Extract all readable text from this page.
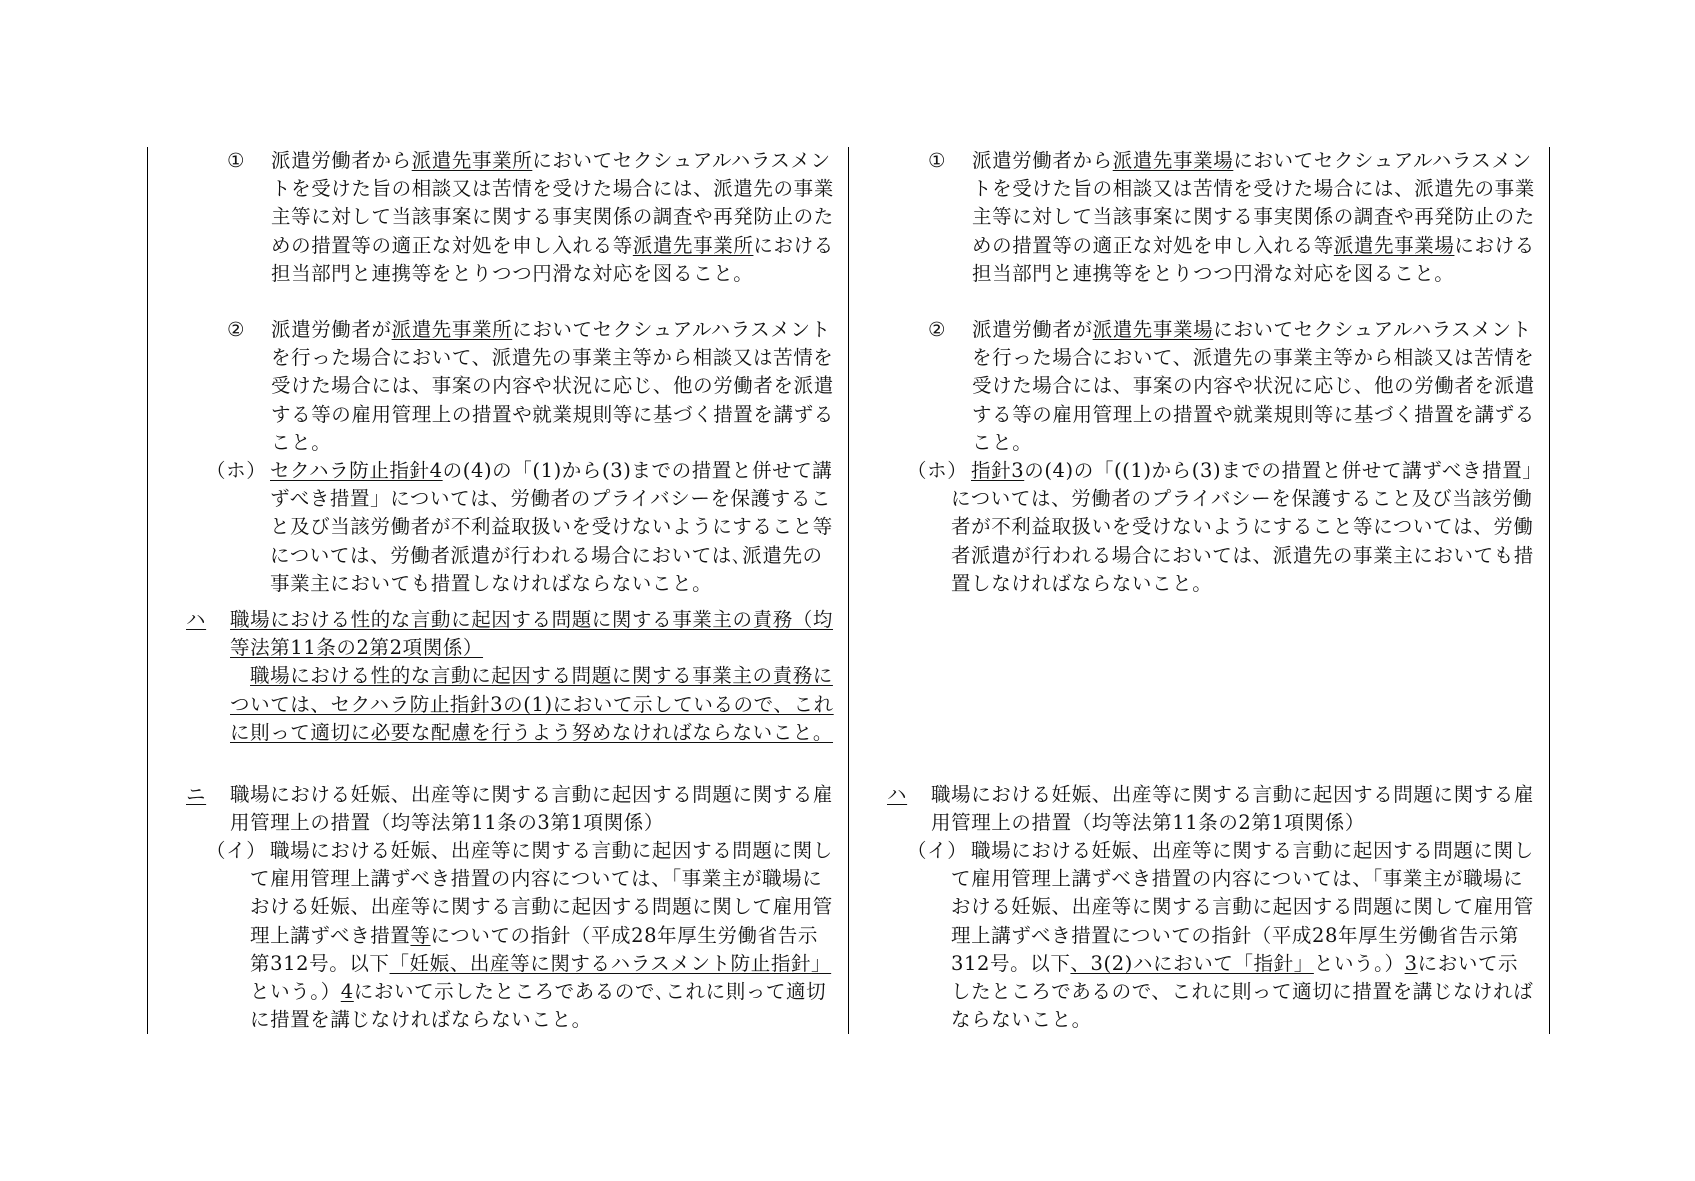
①	派遣労働者から派遣先事業所においてセクシュアルハラスメントを受けた旨の相談又は苦情を受けた場合には、派遣先の事業主等に対して当該事案に関する事実関係の調査や再発防止のための措置等の適正な対処を申し入れる等派遣先事業所における担当部門と連携等をとりつつ円滑な対応を図ること。
②	派遣労働者が派遣先事業所においてセクシュアルハラスメントを行った場合において、派遣先の事業主等から相談又は苦情を受けた場合には、事案の内容や状況に応じ、他の労働者を派遣する等の雇用管理上の措置や就業規則等に基づく措置を講ずること。
（ホ） セクハラ防止指針4の(4)の「(1)から(3)までの措置と併せて講ずべき措置」については、労働者のプライバシーを保護すること及び当該労働者が不利益取扱いを受けないようにすること等については、労働者派遣が行われる場合においては､派遣先の事業主においても措置しなければならないこと。
ハ	職場における性的な言動に起因する問題に関する事業主の責務（均等法第11条の2第2項関係）
職場における性的な言動に起因する問題に関する事業主の責務については、セクハラ防止指針3の(1)において示しているので、これに則って適切に必要な配慮を行うよう努めなければならないこと。
ニ	職場における妊娠、出産等に関する言動に起因する問題に関する雇用管理上の措置（均等法第11条の3第1項関係）
（イ） 職場における妊娠、出産等に関する言動に起因する問題に関して雇用管理上講ずべき措置の内容については、「事業主が職場における妊娠、出産等に関する言動に起因する問題に関して雇用管理上講ずべき措置等についての指針（平成28年厚生労働省告示第312号。以下「妊娠、出産等に関するハラスメント防止指針」という。）4において示したところであるので､これに則って適切に措置を講じなければならないこと。
①	派遣労働者から派遣先事業場においてセクシュアルハラスメントを受けた旨の相談又は苦情を受けた場合には、派遣先の事業主等に対して当該事案に関する事実関係の調査や再発防止のための措置等の適正な対処を申し入れる等派遣先事業場における担当部門と連携等をとりつつ円滑な対応を図ること。
②	派遣労働者が派遣先事業場においてセクシュアルハラスメントを行った場合において、派遣先の事業主等から相談又は苦情を受けた場合には、事案の内容や状況に応じ、他の労働者を派遣する等の雇用管理上の措置や就業規則等に基づく措置を講ずること。
（ホ） 指針3の(4)の「((1)から(3)までの措置と併せて講ずべき措置」については、労働者のプライバシーを保護すること及び当該労働者が不利益取扱いを受けないようにすること等については、労働者派遣が行われる場合においては、派遣先の事業主においても措置しなければならないこと。
ハ	職場における妊娠、出産等に関する言動に起因する問題に関する雇用管理上の措置（均等法第11条の2第1項関係）
（イ） 職場における妊娠、出産等に関する言動に起因する問題に関して雇用管理上講ずべき措置の内容については、「事業主が職場における妊娠、出産等に関する言動に起因する問題に関して雇用管理上講ずべき措置についての指針（平成28年厚生労働省告示第312号。以下、3(2)ハにおいて「指針」という。）3において示したところであるので、これに則って適切に措置を講じなければならないこと。
